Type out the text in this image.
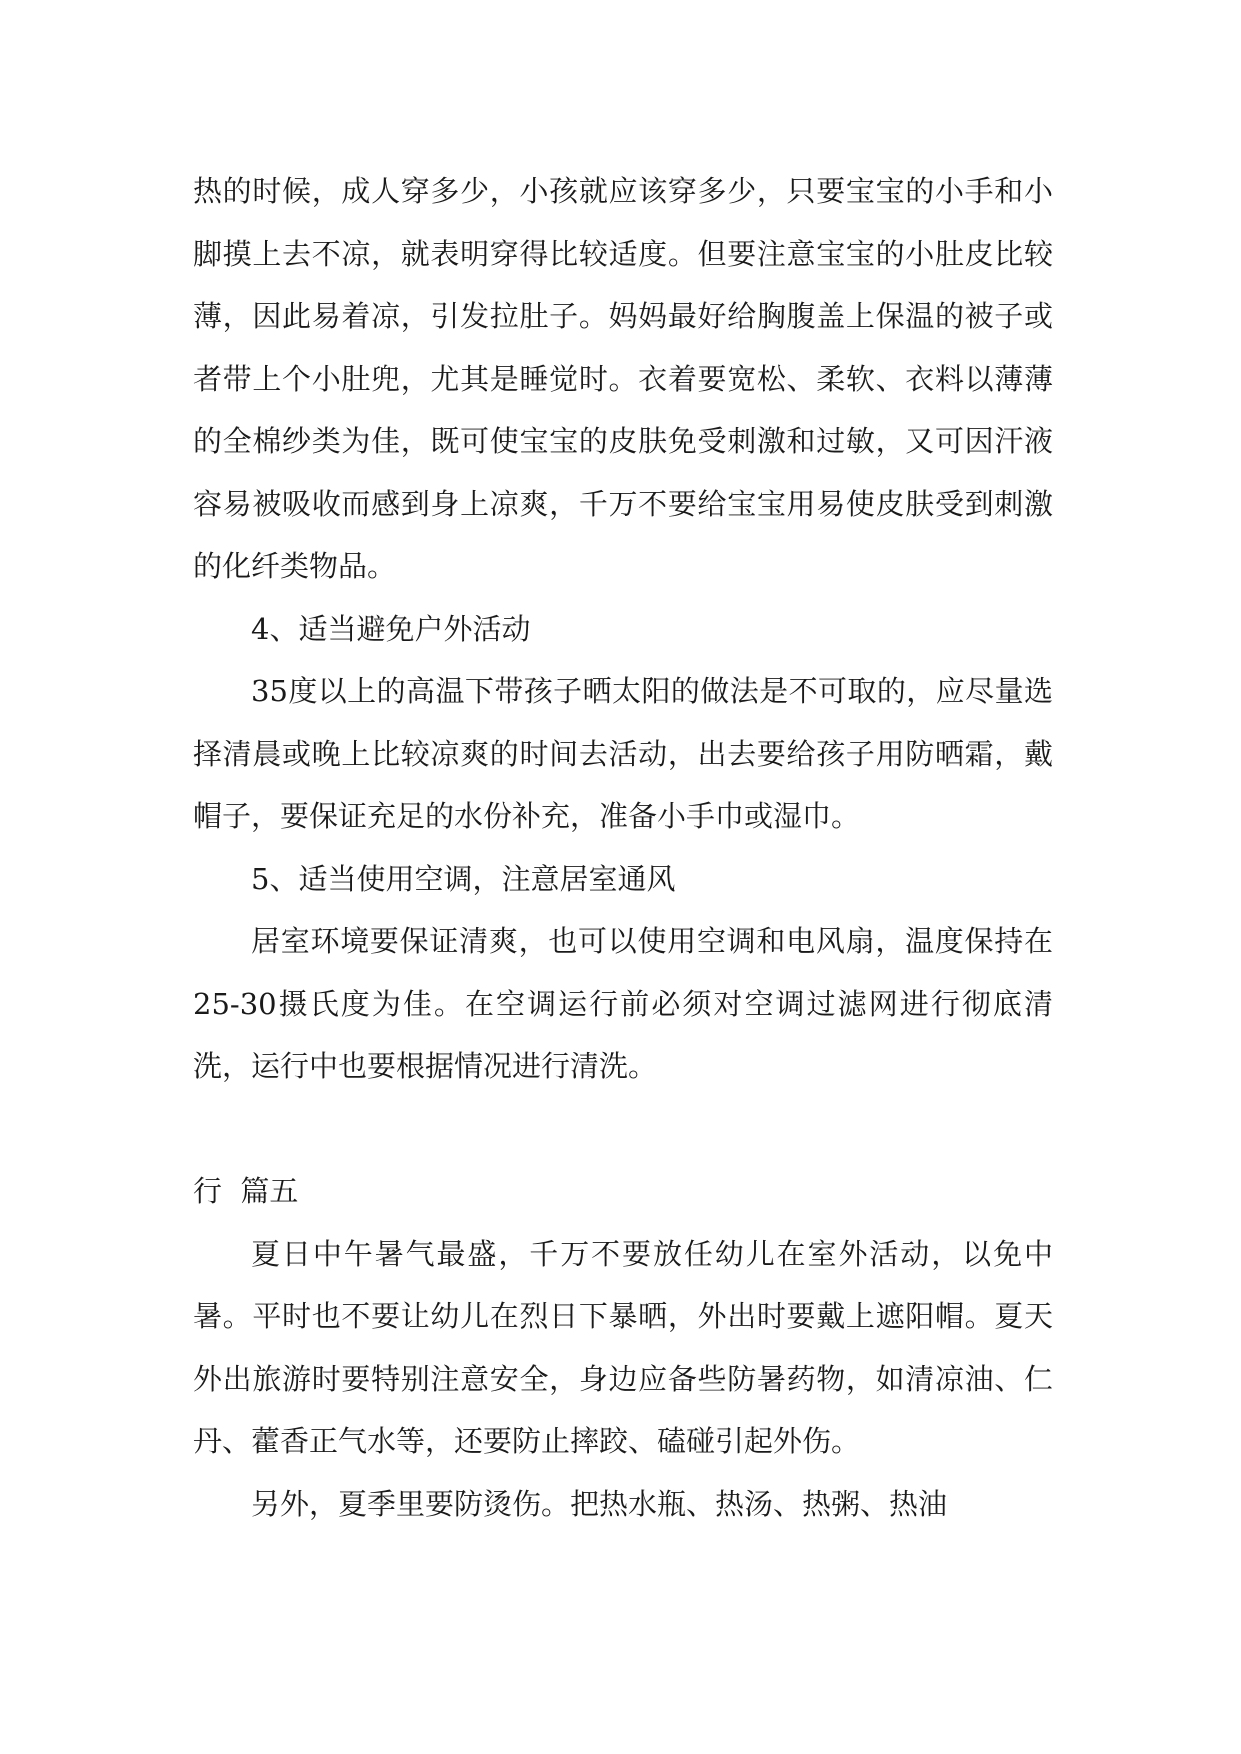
热的时候，成人穿多少，小孩就应该穿多少，只要宝宝的小手和小脚摸上去不凉，就表明穿得比较适度。但要注意宝宝的小肚皮比较薄，因此易着凉，引发拉肚子。妈妈最好给胸腹盖上保温的被子或者带上个小肚兜，尤其是睡觉时。衣着要宽松、柔软、衣料以薄薄的全棉纱类为佳，既可使宝宝的皮肤免受刺激和过敏，又可因汗液容易被吸收而感到身上凉爽，千万不要给宝宝用易使皮肤受到刺激的化纤类物品。

4、适当避免户外活动

35度以上的高温下带孩子晒太阳的做法是不可取的，应尽量选择清晨或晚上比较凉爽的时间去活动，出去要给孩子用防晒霜，戴帽子，要保证充足的水份补充，准备小手巾或湿巾。

5、适当使用空调，注意居室通风

居室环境要保证清爽，也可以使用空调和电风扇，温度保持在25-30摄氏度为佳。在空调运行前必须对空调过滤网进行彻底清洗，运行中也要根据情况进行清洗。

行  篇五

夏日中午暑气最盛，千万不要放任幼儿在室外活动，以免中暑。平时也不要让幼儿在烈日下暴晒，外出时要戴上遮阳帽。夏天外出旅游时要特别注意安全，身边应备些防暑药物，如清凉油、仁丹、藿香正气水等，还要防止摔跤、磕碰引起外伤。

另外，夏季里要防烫伤。把热水瓶、热汤、热粥、热油
